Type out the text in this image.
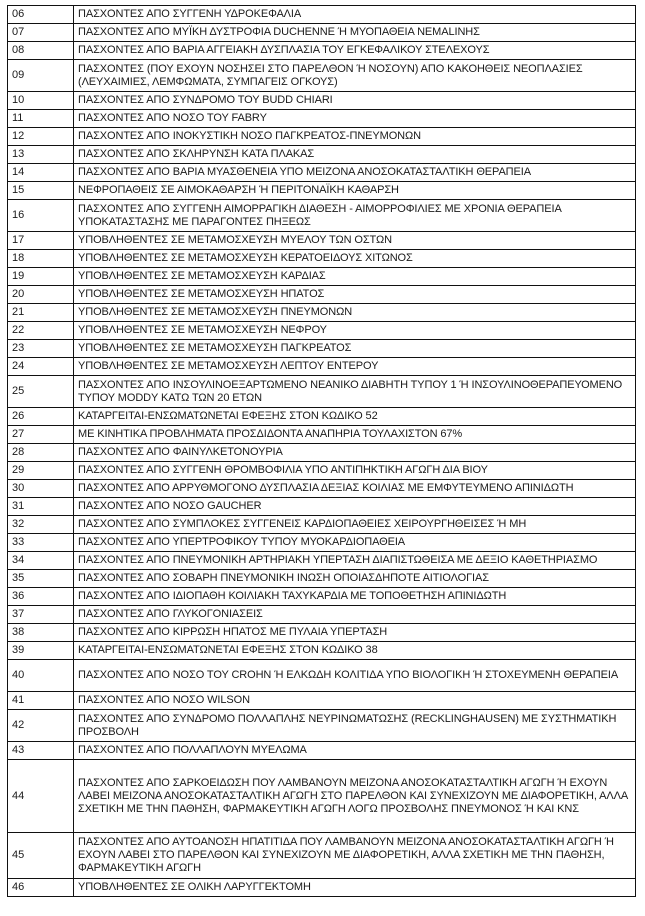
06	ΠΑΣΧΟΝΤΕΣ ΑΠΟ ΣΥΓΓΕΝΗ ΥΔΡΟΚΕΦΑΛΙΑ
07	ΠΑΣΧΟΝΤΕΣ ΑΠΟ ΜΥΪΚΗ ΔΥΣΤΡΟΦΙΑ DUCHENNE Ή ΜΥΟΠΑΘΕΙΑ ΝΕΜΑLINHΣ
08	ΠΑΣΧΟΝΤΕΣ ΑΠΟ ΒΑΡΙΑ ΑΓΓΕΙΑΚΗ ΔΥΣΠΛΑΣΙΑ ΤΟΥ ΕΓΚΕΦΑΛΙΚΟΥ ΣΤΕΛΕΧΟΥΣ
09	ΠΑΣΧΟΝΤΕΣ (ΠΟΥ ΕΧΟΥΝ ΝΟΣΗΣΕΙ ΣΤΟ ΠΑΡΕΛΘΟΝ Ή ΝΟΣΟΥΝ) ΑΠΟ ΚΑΚΟΗΘΕΙΣ ΝΕΟΠΛΑΣΙΕΣ (ΛΕΥΧΑΙΜΙΕΣ, ΛΕΜΦΩΜΑΤΑ, ΣΥΜΠΑΓΕΙΣ ΟΓΚΟΥΣ)
10	ΠΑΣΧΟΝΤΕΣ ΑΠΟ ΣΥΝΔΡΟΜΟ ΤΟΥ BUDD CHIARI
11	ΠΑΣΧΟΝΤΕΣ ΑΠΟ ΝΟΣΟ ΤΟΥ FABRY
12	ΠΑΣΧΟΝΤΕΣ ΑΠΟ ΙΝΟΚΥΣΤΙΚΗ ΝΟΣΟ ΠΑΓΚΡΕΑΤΟΣ-ΠΝΕΥΜΟΝΩΝ
13	ΠΑΣΧΟΝΤΕΣ ΑΠΟ ΣΚΛΗΡΥΝΣΗ ΚΑΤΑ ΠΛΑΚΑΣ
14	ΠΑΣΧΟΝΤΕΣ ΑΠΟ ΒΑΡΙΑ ΜΥΑΣΘΕΝΕΙΑ ΥΠΟ ΜΕΙΖΟΝΑ ΑΝΟΣΟΚΑΤΑΣΤΑΛΤΙΚΗ ΘΕΡΑΠΕΙΑ
15	ΝΕΦΡΟΠΑΘΕΙΣ ΣΕ ΑΙΜΟΚΑΘΑΡΣΗ Ή ΠΕΡΙΤΟΝΑΪΚΗ ΚΑΘΑΡΣΗ
16	ΠΑΣΧΟΝΤΕΣ ΑΠΟ ΣΥΓΓΕΝΗ ΑΙΜΟΡΡΑΓΙΚΗ ΔΙΑΘΕΣΗ - ΑΙΜΟΡΡΟΦΙΛΙΕΣ ΜΕ ΧΡΟΝΙΑ ΘΕΡΑΠΕΙΑ ΥΠΟΚΑΤΑΣΤΑΣΗΣ ΜΕ ΠΑΡΑΓΟΝΤΕΣ ΠΗΞΕΩΣ
17	ΥΠΟΒΛΗΘΕΝΤΕΣ ΣΕ ΜΕΤΑΜΟΣΧΕΥΣΗ ΜΥΕΛΟΥ ΤΩΝ ΟΣΤΩΝ
18	ΥΠΟΒΛΗΘΕΝΤΕΣ ΣΕ ΜΕΤΑΜΟΣΧΕΥΣΗ ΚΕΡΑΤΟΕΙΔΟΥΣ ΧΙΤΩΝΟΣ
19	ΥΠΟΒΛΗΘΕΝΤΕΣ ΣΕ ΜΕΤΑΜΟΣΧΕΥΣΗ ΚΑΡΔΙΑΣ
20	ΥΠΟΒΛΗΘΕΝΤΕΣ ΣΕ ΜΕΤΑΜΟΣΧΕΥΣΗ ΗΠΑΤΟΣ
21	ΥΠΟΒΛΗΘΕΝΤΕΣ ΣΕ ΜΕΤΑΜΟΣΧΕΥΣΗ ΠΝΕΥΜΟΝΩΝ
22	ΥΠΟΒΛΗΘΕΝΤΕΣ ΣΕ ΜΕΤΑΜΟΣΧΕΥΣΗ ΝΕΦΡΟΥ
23	ΥΠΟΒΛΗΘΕΝΤΕΣ ΣΕ ΜΕΤΑΜΟΣΧΕΥΣΗ ΠΑΓΚΡΕΑΤΟΣ
24	ΥΠΟΒΛΗΘΕΝΤΕΣ ΣΕ ΜΕΤΑΜΟΣΧΕΥΣΗ ΛΕΠΤΟΥ ΕΝΤΕΡΟΥ
25	ΠΑΣΧΟΝΤΕΣ ΑΠΟ ΙΝΣΟΥΛΙΝΟΕΞΑΡΤΩΜΕΝΟ ΝΕΑΝΙΚΟ ΔΙΑΒΗΤΗ ΤΥΠΟΥ 1 Ή ΙΝΣΟΥΛΙΝΟΘΕΡΑΠΕΥΟΜΕΝΟ ΤΥΠΟΥ MODDY ΚΑΤΩ ΤΩΝ 20 ΕΤΩΝ
26	ΚΑΤΑΡΓΕΙΤΑΙ-ΕΝΣΩΜΑΤΩΝΕΤΑΙ ΕΦΕΞΗΣ ΣΤΟΝ ΚΩΔΙΚΟ 52
27	ΜΕ ΚΙΝΗΤΙΚΑ ΠΡΟΒΛΗΜΑΤΑ ΠΡΟΣΔΙΔΟΝΤΑ ΑΝΑΠΗΡΙΑ ΤΟΥΛΑΧΙΣΤΟΝ 67%
28	ΠΑΣΧΟΝΤΕΣ ΑΠΟ ΦΑΙΝΥΛΚΕΤΟΝΟΥΡΙΑ
29	ΠΑΣΧΟΝΤΕΣ ΑΠΟ ΣΥΓΓΕΝΗ ΘΡΟΜΒΟΦΙΛΙΑ ΥΠΟ ΑΝΤΙΠΗΚΤΙΚΗ ΑΓΩΓΗ ΔΙΑ ΒΙΟΥ
30	ΠΑΣΧΟΝΤΕΣ ΑΠΟ ΑΡΡΥΘΜΟΓΟΝΟ ΔΥΣΠΛΑΣΙΑ ΔΕΞΙΑΣ ΚΟΙΛΙΑΣ ΜΕ ΕΜΦΥΤΕΥΜΕΝΟ ΑΠΙΝΙΔΩΤΗ
31	ΠΑΣΧΟΝΤΕΣ ΑΠΟ ΝΟΣΟ GAUCHER
32	ΠΑΣΧΟΝΤΕΣ ΑΠΟ ΣΥΜΠΛΟΚΕΣ ΣΥΓΓΕΝΕΙΣ ΚΑΡΔΙΟΠΑΘΕΙΕΣ ΧΕΙΡΟΥΡΓΗΘΕΙΣΕΣ Ή ΜΗ
33	ΠΑΣΧΟΝΤΕΣ ΑΠΟ ΥΠΕΡΤΡΟΦΙΚΟΥ ΤΥΠΟΥ ΜΥΟΚΑΡΔΙΟΠΑΘΕΙΑ
34	ΠΑΣΧΟΝΤΕΣ ΑΠΟ ΠΝΕΥΜΟΝΙΚΗ ΑΡΤΗΡΙΑΚΗ ΥΠΕΡΤΑΣΗ ΔΙΑΠΙΣΤΩΘΕΙΣΑ ΜΕ ΔΕΞΙΟ ΚΑΘΕΤΗΡΙΑΣΜΟ
35	ΠΑΣΧΟΝΤΕΣ ΑΠΟ ΣΟΒΑΡΗ ΠΝΕΥΜΟΝΙΚΗ ΙΝΩΣΗ ΟΠΟΙΑΣΔΗΠΟΤΕ ΑΙΤΙΟΛΟΓΙΑΣ
36	ΠΑΣΧΟΝΤΕΣ ΑΠΟ ΙΔΙΟΠΑΘΗ ΚΟΙΛΙΑΚΗ ΤΑΧΥΚΑΡΔΙΑ ΜΕ ΤΟΠΟΘΕΤΗΣΗ ΑΠΙΝΙΔΩΤΗ
37	ΠΑΣΧΟΝΤΕΣ ΑΠΟ ΓΛΥΚΟΓΟΝΙΑΣΕΙΣ
38	ΠΑΣΧΟΝΤΕΣ ΑΠΟ ΚΙΡΡΩΣΗ ΗΠΑΤΟΣ ΜΕ ΠΥΛΑΙΑ ΥΠΕΡΤΑΣΗ
39	ΚΑΤΑΡΓΕΙΤΑΙ-ΕΝΣΩΜΑΤΩΝΕΤΑΙ ΕΦΕΞΗΣ ΣΤΟΝ ΚΩΔΙΚΟ 38
40	ΠΑΣΧΟΝΤΕΣ ΑΠΟ ΝΟΣΟ ΤΟΥ CROHN Ή ΕΛΚΩΔΗ ΚΟΛΙΤΙΔΑ ΥΠΟ ΒΙΟΛΟΓΙΚΗ Ή ΣΤΟΧΕΥΜΕΝΗ ΘΕΡΑΠΕΙΑ
41	ΠΑΣΧΟΝΤΕΣ ΑΠΟ ΝΟΣΟ WILSON
42	ΠΑΣΧΟΝΤΕΣ ΑΠΟ ΣΥΝΔΡΟΜΟ ΠΟΛΛΑΠΛΗΣ ΝΕΥΡΙΝΩΜΑΤΩΣΗΣ (RECKLINGHAUSEN) ΜΕ ΣΥΣΤΗΜΑΤΙΚΗ ΠΡΟΣΒΟΛΗ
43	ΠΑΣΧΟΝΤΕΣ ΑΠΟ ΠΟΛΛΑΠΛΟΥΝ ΜΥΕΛΩΜΑ
44	ΠΑΣΧΟΝΤΕΣ ΑΠΟ ΣΑΡΚΟΕΙΔΩΣΗ ΠΟΥ ΛΑΜΒΑΝΟΥΝ ΜΕΙΖΟΝΑ ΑΝΟΣΟΚΑΤΑΣΤΑΛΤΙΚΗ ΑΓΩΓΗ Ή ΕΧΟΥΝ ΛΑΒΕΙ ΜΕΙΖΟΝΑ ΑΝΟΣΟΚΑΤΑΣΤΑΛΤΙΚΗ ΑΓΩΓΗ ΣΤΟ ΠΑΡΕΛΘΟΝ ΚΑΙ ΣΥΝΕΧΙΖΟΥΝ ΜΕ ΔΙΑΦΟΡΕΤΙΚΗ, ΑΛΛΑ ΣΧΕΤΙΚΗ ΜΕ ΤΗΝ ΠΑΘΗΣΗ, ΦΑΡΜΑΚΕΥΤΙΚΗ ΑΓΩΓΗ ΛΟΓΩ ΠΡΟΣΒΟΛΗΣ ΠΝΕΥΜΟΝΟΣ Ή ΚΑΙ ΚΝΣ
45	ΠΑΣΧΟΝΤΕΣ ΑΠΟ ΑΥΤΟΑΝΟΣΗ ΗΠΑΤΙΤΙΔΑ ΠΟΥ ΛΑΜΒΑΝΟΥΝ ΜΕΙΖΟΝΑ ΑΝΟΣΟΚΑΤΑΣΤΑΛΤΙΚΗ ΑΓΩΓΗ Ή ΕΧΟΥΝ ΛΑΒΕΙ ΣΤΟ ΠΑΡΕΛΘΟΝ ΚΑΙ ΣΥΝΕΧΙΖΟΥΝ ΜΕ ΔΙΑΦΟΡΕΤΙΚΗ, ΑΛΛΑ ΣΧΕΤΙΚΗ ΜΕ ΤΗΝ ΠΑΘΗΣΗ, ΦΑΡΜΑΚΕΥΤΙΚΗ ΑΓΩΓΗ
46	ΥΠΟΒΛΗΘΕΝΤΕΣ ΣΕ ΟΛΙΚΗ ΛΑΡΥΓΓΕΚΤΟΜΗ
